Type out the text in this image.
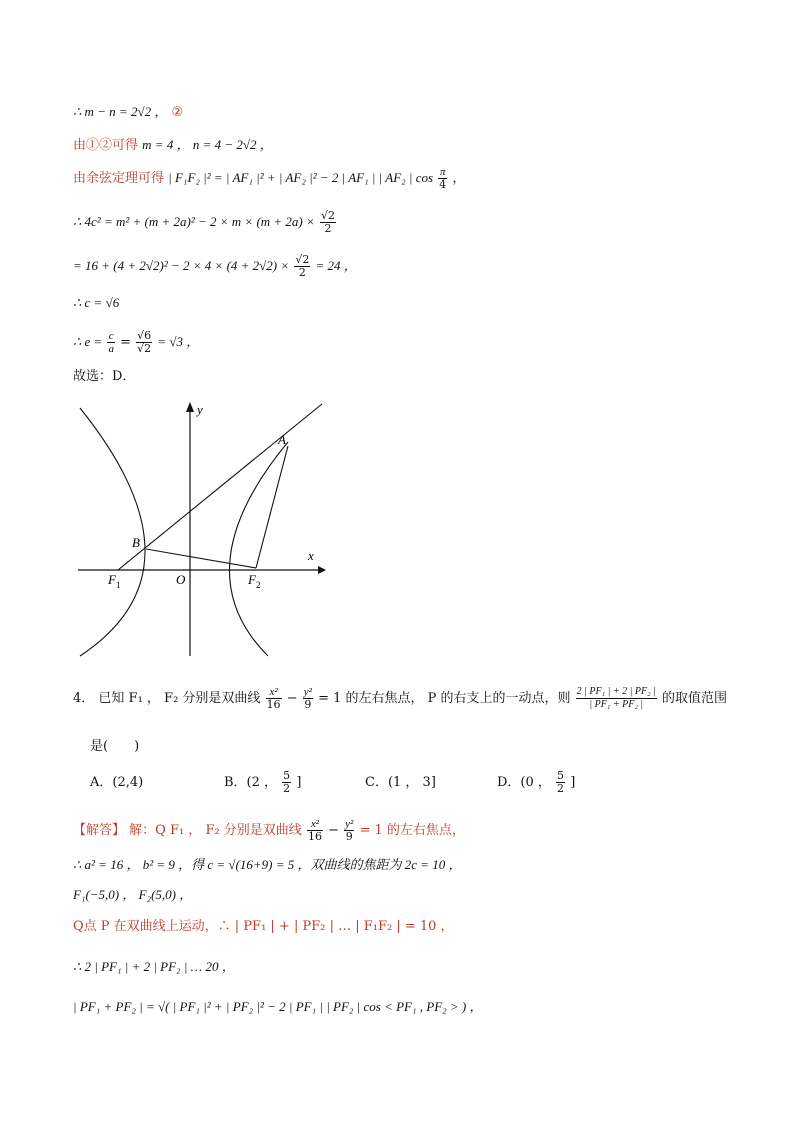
∴ m − n = 2√2 ， ②
由①②可得 m = 4 ， n = 4 − 2√2 ，
由余弦定理可得 | F₁F₂ |² = | AF₁ |² + | AF₂ |² − 2 | AF₁ | | AF₂ | $\cos \frac{\pi}{4}$ ，
∴ $4c^2 = m^2 + (m + 2a)^2 - 2 \times m \times (m + 2a) \times \frac{√2}{2}$
= $16 + (4 + 2√2)^2 - 2 \times 4 \times (4 + 2√2) \times \frac{√2}{2} = 24$ ，
∴ c = √6
∴ $e = \frac{c}{a} = \frac{√6}{√2} = √3$ ，
故选：D．
y
x
A
B
O
F 1	F 2
4． 已知 F₁ ， F₂ 分别是双曲线 $\frac{\text{x²}}{16} - \frac{\text{y²}}{9} = 1$ 的左右焦点， P 的右支上的一动点，则 $\frac{\text{2 | PF₁ | + 2 | PF₂ |}}{\text{| PF₁ + PF₂ |}}$ 的取值范围
是(　　)
A．(2,4)	B．(2 ， $\frac{5}{2}$ ]	C．(1 ， 3]	D．(0 ， $\frac{5}{2}$ ]
【解答】 解：Q F₁ ， F₂ 分别是双曲线 $\frac{\text{x²}}{16} - \frac{\text{y²}}{9} = 1$ 的左右焦点，
∴ a² = 16 ， b² = 9 ，得 c = √(16+9) = 5 ，双曲线的焦距为 2c = 10 ，
F₁(−5,0) ， F₂(5,0) ，
Q点 P 在双曲线上运动，∴ | PF₁ | + | PF₂ | … | F₁F₂ | = 10 ，
∴ 2 | PF₁ | + 2 | PF₂ | … 20 ，
| PF₁ + PF₂ | = √( | PF₁ |² + | PF₂ |² − 2 | PF₁ | | PF₂ | cos < PF₁ , PF₂ > ) ，
